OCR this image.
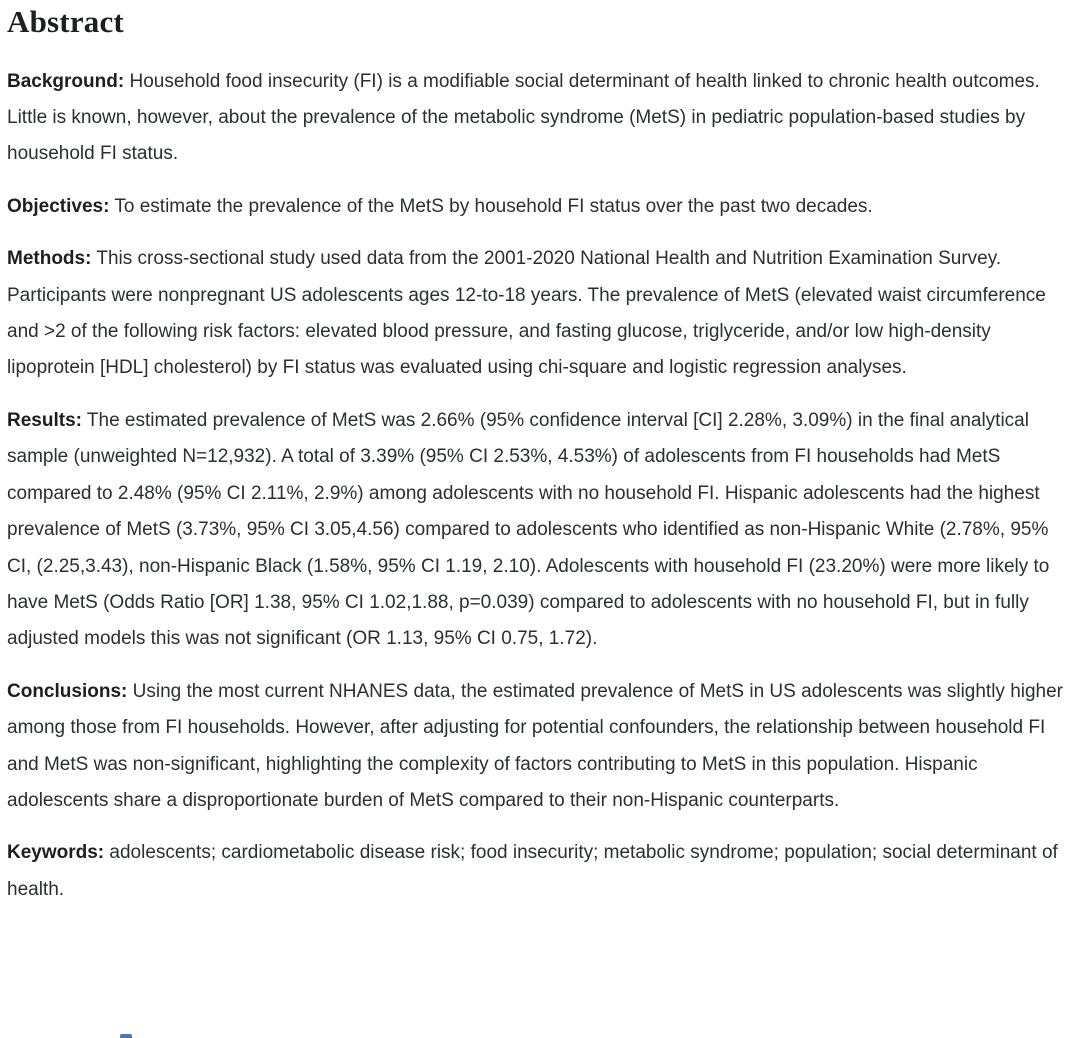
Abstract

Background: Household food insecurity (FI) is a modifiable social determinant of health linked to chronic health outcomes. Little is known, however, about the prevalence of the metabolic syndrome (MetS) in pediatric population-based studies by household FI status.

Objectives: To estimate the prevalence of the MetS by household FI status over the past two decades.

Methods: This cross-sectional study used data from the 2001-2020 National Health and Nutrition Examination Survey. Participants were nonpregnant US adolescents ages 12-to-18 years. The prevalence of MetS (elevated waist circumference and >2 of the following risk factors: elevated blood pressure, and fasting glucose, triglyceride, and/or low high-density lipoprotein [HDL] cholesterol) by FI status was evaluated using chi-square and logistic regression analyses.

Results: The estimated prevalence of MetS was 2.66% (95% confidence interval [CI] 2.28%, 3.09%) in the final analytical sample (unweighted N=12,932). A total of 3.39% (95% CI 2.53%, 4.53%) of adolescents from FI households had MetS compared to 2.48% (95% CI 2.11%, 2.9%) among adolescents with no household FI. Hispanic adolescents had the highest prevalence of MetS (3.73%, 95% CI 3.05,4.56) compared to adolescents who identified as non-Hispanic White (2.78%, 95% CI, (2.25,3.43), non-Hispanic Black (1.58%, 95% CI 1.19, 2.10). Adolescents with household FI (23.20%) were more likely to have MetS (Odds Ratio [OR] 1.38, 95% CI 1.02,1.88, p=0.039) compared to adolescents with no household FI, but in fully adjusted models this was not significant (OR 1.13, 95% CI 0.75, 1.72).

Conclusions: Using the most current NHANES data, the estimated prevalence of MetS in US adolescents was slightly higher among those from FI households. However, after adjusting for potential confounders, the relationship between household FI and MetS was non-significant, highlighting the complexity of factors contributing to MetS in this population. Hispanic adolescents share a disproportionate burden of MetS compared to their non-Hispanic counterparts.

Keywords: adolescents; cardiometabolic disease risk; food insecurity; metabolic syndrome; population; social determinant of health.
